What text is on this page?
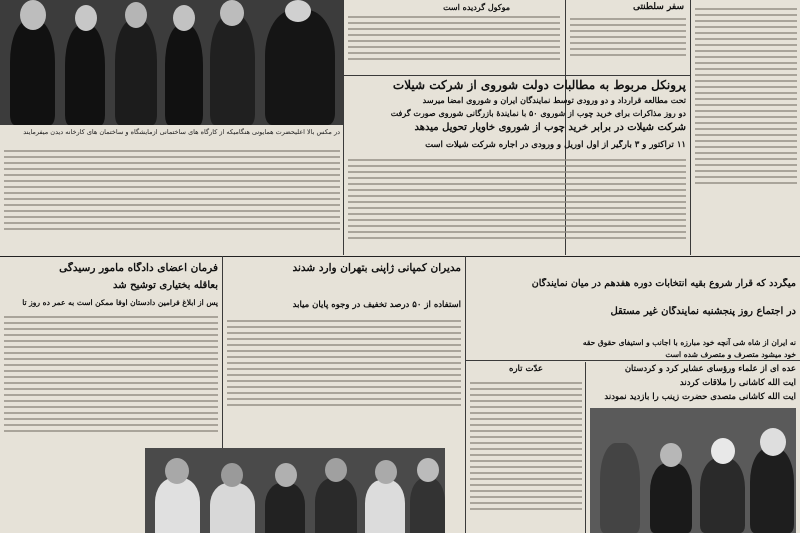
در مکس بالا اعلیحضرت همایونی هنگامیکه از کارگاه های ساختمانی ازمایشگاه و ساختمان های کارخانه دیدن میفرمایند
موکول گردیده است	سفر سلطنتی
پرونکل مربوط به مطالبات دولت شوروی از شرکت شیلات
تحت مطالعه قرارداد و دو ورودی توسط نمایندگان ایران و شوروی امضا میرسد
دو روز مذاکرات برای خرید چوب از شوروی ۵۰ با نمایندهٔ بازرگانی شوروی صورت گرفت
شرکت شیلات در برابر خرید چوب از شوروی خاویار تحویل میدهد
۱۱ تراکتور و ۳ بارگیر از اول آوریل و ورودی در اجاره شرکت شیلات است
فرمان اعضای دادگاه مامور رسیدگی
بعاقله بختیاری توشیح شد
پس از ابلاغ فرامین دادستان اوفا ممکن است به عمر ده روز تا
مدیران کمپانی ژاپنی بتهران وارد شدند
استفاده از ۵۰ درصد تخفیف در وجوه پایان میابد
میگردد که قرار شروع بقیه انتخابات دوره هفدهم در میان نمایندگان
در اجتماع روز پنجشنبه نمایندگان غیر مستقل
نه ایران از شاه شی آنچه خود مبارزه با اجانب و استیفای حقوق حقه
خود میشود متصرف و متصرف شده است
عدّت تاره	عده ای از علماء ورؤسای عشایر کرد و کردستان
آیت الله کاشانی را ملاقات کردند
آیت الله کاشانی متصدی حضرت زینب را بازدید نمودند
